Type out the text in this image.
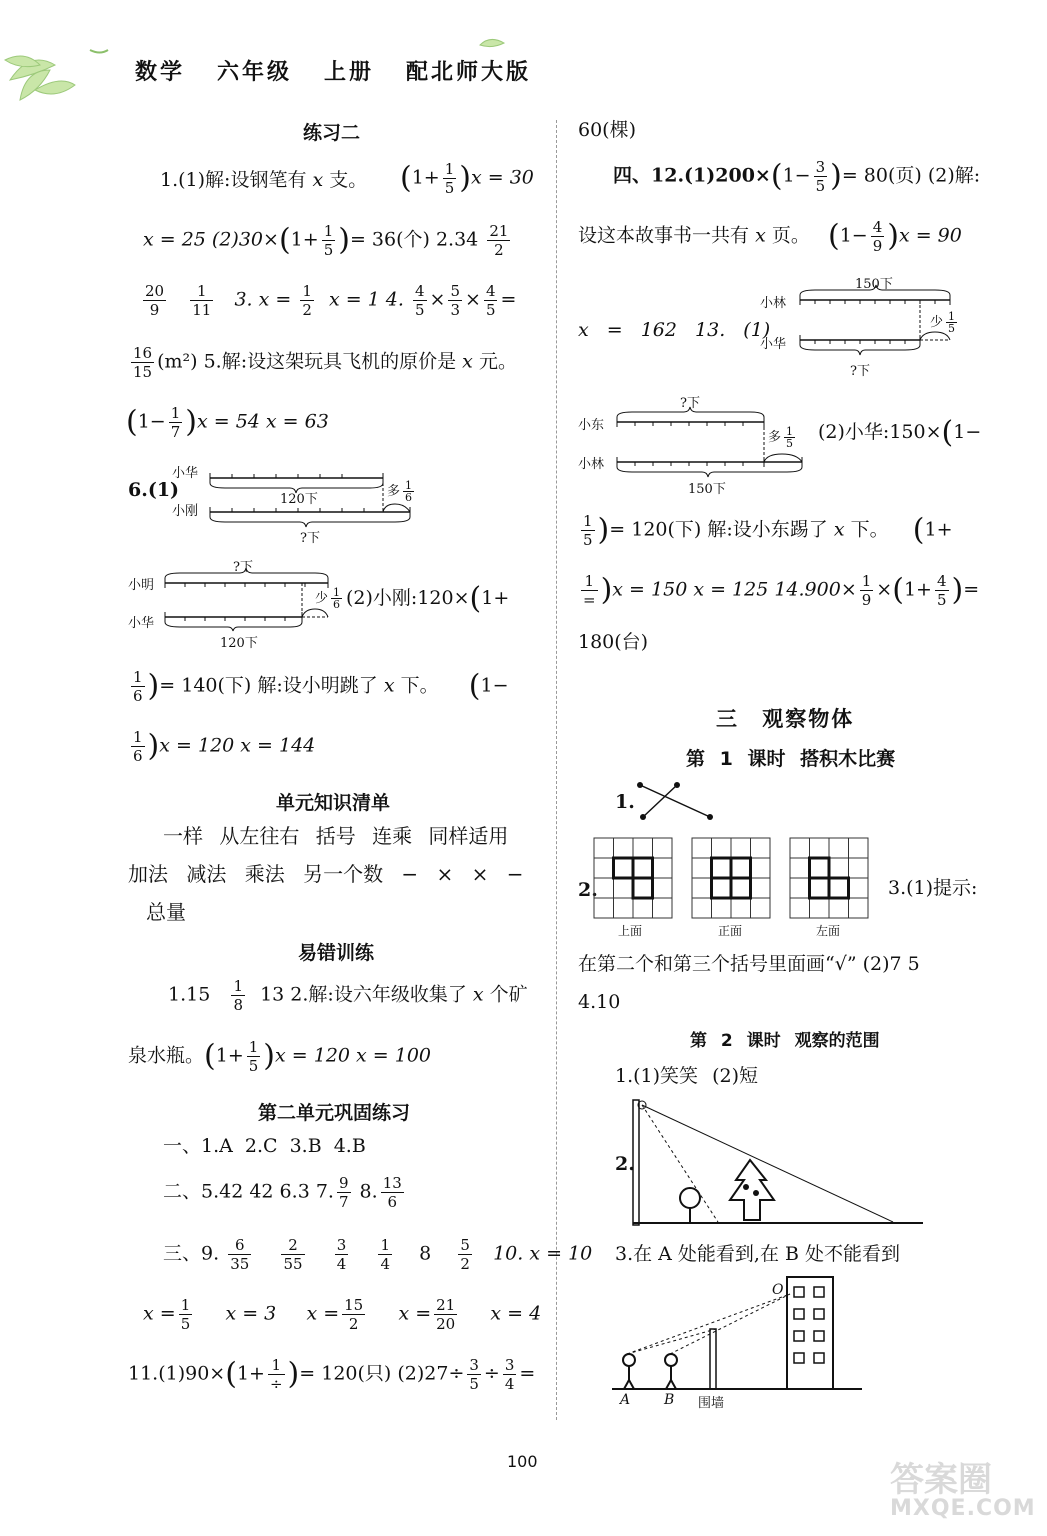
数学 六年级 上册 配北师大版
练习二
1.(1)解:设钢笔有 x 支。 $(1+ \frac{1}{5} )x = 30$
x = 25 $(2)30\times(1+ \frac{1}{5}$ )= 36(个) $2.34 \frac{21}{2}$
$\frac{20}{9}$
$\frac{1}{11} 3$. $x = \frac{1}{2}$ x = 1 4. $\frac{4}{5} \times \frac{5}{3} \times \frac{4}{5}$ =
$\frac{16}{15} (m^2)$ 5.解:设这架玩具飞机的原价是 x 元。
$(1- \frac{1}{7} )x = 54$ x = 63
6.(1)
小华
小刚
120下
?下
多 $\frac{1}{6}$
小明
小华
?下
120下
少 $\frac{1}{6} (2)$小刚:120×(1+
$\frac{1}{6}$ )= 140(下) 解:设小明跳了 x 下。 (1−
$\frac{1}{6} )x = 120$ x = 144
单元知识清单
一样 从左往右 括号 连乘 同样适用
加法 减法 乘法 另一个数 − × × −
总量
易错训练
$1.15 \frac{1}{8} 13$ 2.解:设六年级收集了 x 个矿
泉水瓶。$(1+ \frac{1}{5} )x = 120$ x = 100
第二单元巩固练习
一、1.A 2.C 3.B 4.B
二、5.42 42 6.3 7. $\frac{9}{7} 8$. $\frac{13}{6}$
三、9. $\frac{6}{35}$
$\frac{2}{55}$
$\frac{3}{4}$
$\frac{1}{4} 8 \frac{5}{2} 10$. x = 10
$x = \frac{1}{5}$ x = 3 $x = \frac{15}{2}$ $x = \frac{21}{20}$ x = 4
$11.(1)90\times(1+ \frac{1}{\div}$ )= 120(只) $(2)27\div \frac{3}{5} \div \frac{3}{4}$ =
60(棵)
四、$12.(1)200\times(1- \frac{3}{5}$ )= 80(页) (2)解:
设这本故事书一共有 x 页。 $(1- \frac{4}{9} )x = 90$
小林
小华
150下
?下
少 $\frac{1}{5}$
x = 162 13. (1)
小东
小林
?下
150下
多 $\frac{1}{5} (2)$小华:150×(1−
$\frac{1}{5}$ )= 120(下) 解:设小东踢了 x 下。 (1+
$\frac{1}{=} )x = 150$ x = 125 $14.900\times \frac{1}{9} \times(1+ \frac{4}{5}$ )=
180(台)
三 观察物体
第 1 课时 搭积木比赛
1.
2.
上面	正面	左面
3.(1)提示:
在第二个和第三个括号里面画“√” (2)7 5
4.10
第 2 课时 观察的范围
1.(1)笑笑 (2)短
2.
3.在 A 处能看到,在 B 处不能看到
O
A B 围墙
100	答案圈
MXQE.COM
